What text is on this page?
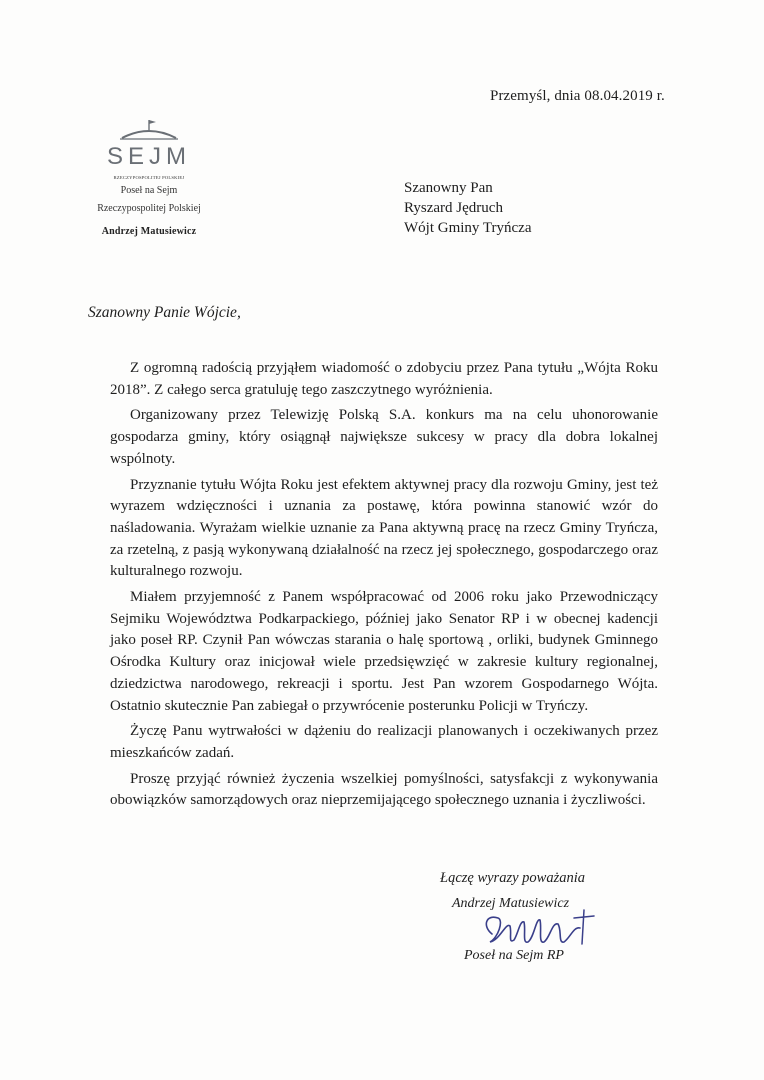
Przemyśl, dnia 08.04.2019 r.
SEJM
RZECZYPOSPOLITEJ POLSKIEJ
Poseł na Sejm
Rzeczypospolitej Polskiej
Andrzej Matusiewicz
Szanowny Pan
Ryszard Jędruch
Wójt Gminy Tryńcza
Szanowny Panie Wójcie,

Z ogromną radością przyjąłem wiadomość o zdobyciu przez Pana tytułu „Wójta Roku 2018”. Z całego serca gratuluję tego zaszczytnego wyróżnienia.

Organizowany przez Telewizję Polską S.A. konkurs ma na celu uhonorowanie gospodarza gminy, który osiągnął największe sukcesy w pracy dla dobra lokalnej wspólnoty.

Przyznanie tytułu Wójta Roku jest efektem aktywnej pracy dla rozwoju Gminy, jest też wyrazem wdzięczności i uznania za postawę, która powinna stanowić wzór do naśladowania. Wyrażam wielkie uznanie za Pana aktywną pracę na rzecz Gminy Tryńcza, za rzetelną, z pasją wykonywaną działalność na rzecz jej społecznego, gospodarczego oraz kulturalnego rozwoju.

Miałem przyjemność z Panem współpracować od 2006 roku jako Przewodniczący Sejmiku Województwa Podkarpackiego, później jako Senator RP i w obecnej kadencji jako poseł RP. Czynił Pan wówczas starania o halę sportową , orliki, budynek Gminnego Ośrodka Kultury oraz inicjował wiele przedsięwzięć w zakresie kultury regionalnej, dziedzictwa narodowego, rekreacji i sportu. Jest Pan wzorem Gospodarnego Wójta. Ostatnio skutecznie Pan zabiegał o przywrócenie posterunku Policji w Tryńczy.

Życzę Panu wytrwałości w dążeniu do realizacji planowanych i oczekiwanych przez mieszkańców zadań.

Proszę przyjąć również życzenia wszelkiej pomyślności, satysfakcji z wykonywania obowiązków samorządowych oraz nieprzemijającego społecznego uznania i życzliwości.

Łączę wyrazy poważania
Andrzej Matusiewicz
Poseł na Sejm RP
